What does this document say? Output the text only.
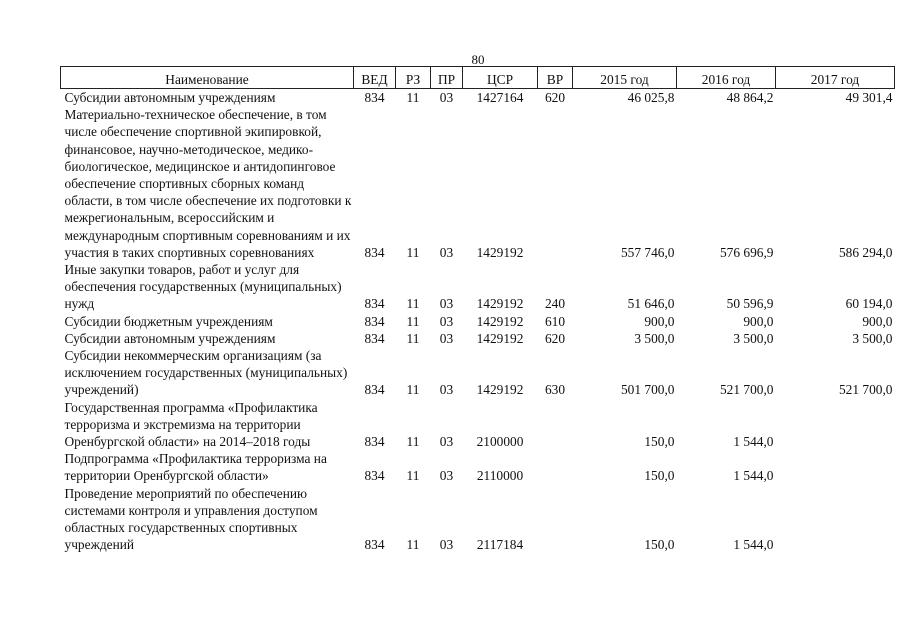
80
Наименование	ВЕД	РЗ	ПР	ЦСР	ВР	2015 год	2016 год	2017 год
Субсидии автономным учреждениям	834	11	03	1427164	620	46 025,8	48 864,2	49 301,4
Материально-техническое обеспечение, в том числе обеспечение спортивной экипировкой, финансовое, научно-методическое, медико-биологическое, медицинское и антидопинговое обеспечение спортивных сборных команд области, в том числе обеспечение их подготовки к межрегиональным, всероссийским и международным спортивным соревнованиям и их участия в таких спортивных соревнованиях	834	11	03	1429192		557 746,0	576 696,9	586 294,0
Иные закупки товаров, работ и услуг для обеспечения государственных (муниципальных) нужд	834	11	03	1429192	240	51 646,0	50 596,9	60 194,0
Субсидии бюджетным учреждениям	834	11	03	1429192	610	900,0	900,0	900,0
Субсидии автономным учреждениям	834	11	03	1429192	620	3 500,0	3 500,0	3 500,0
Субсидии некоммерческим организациям (за исключением государственных (муниципальных) учреждений)	834	11	03	1429192	630	501 700,0	521 700,0	521 700,0
Государственная программа «Профилактика терроризма и экстремизма на территории Оренбургской области» на 2014–2018 годы	834	11	03	2100000		150,0	1 544,0	
Подпрограмма «Профилактика терроризма на территории Оренбургской области»	834	11	03	2110000		150,0	1 544,0	
Проведение мероприятий по обеспечению системами контроля и управления доступом областных государственных спортивных учреждений	834	11	03	2117184		150,0	1 544,0	
